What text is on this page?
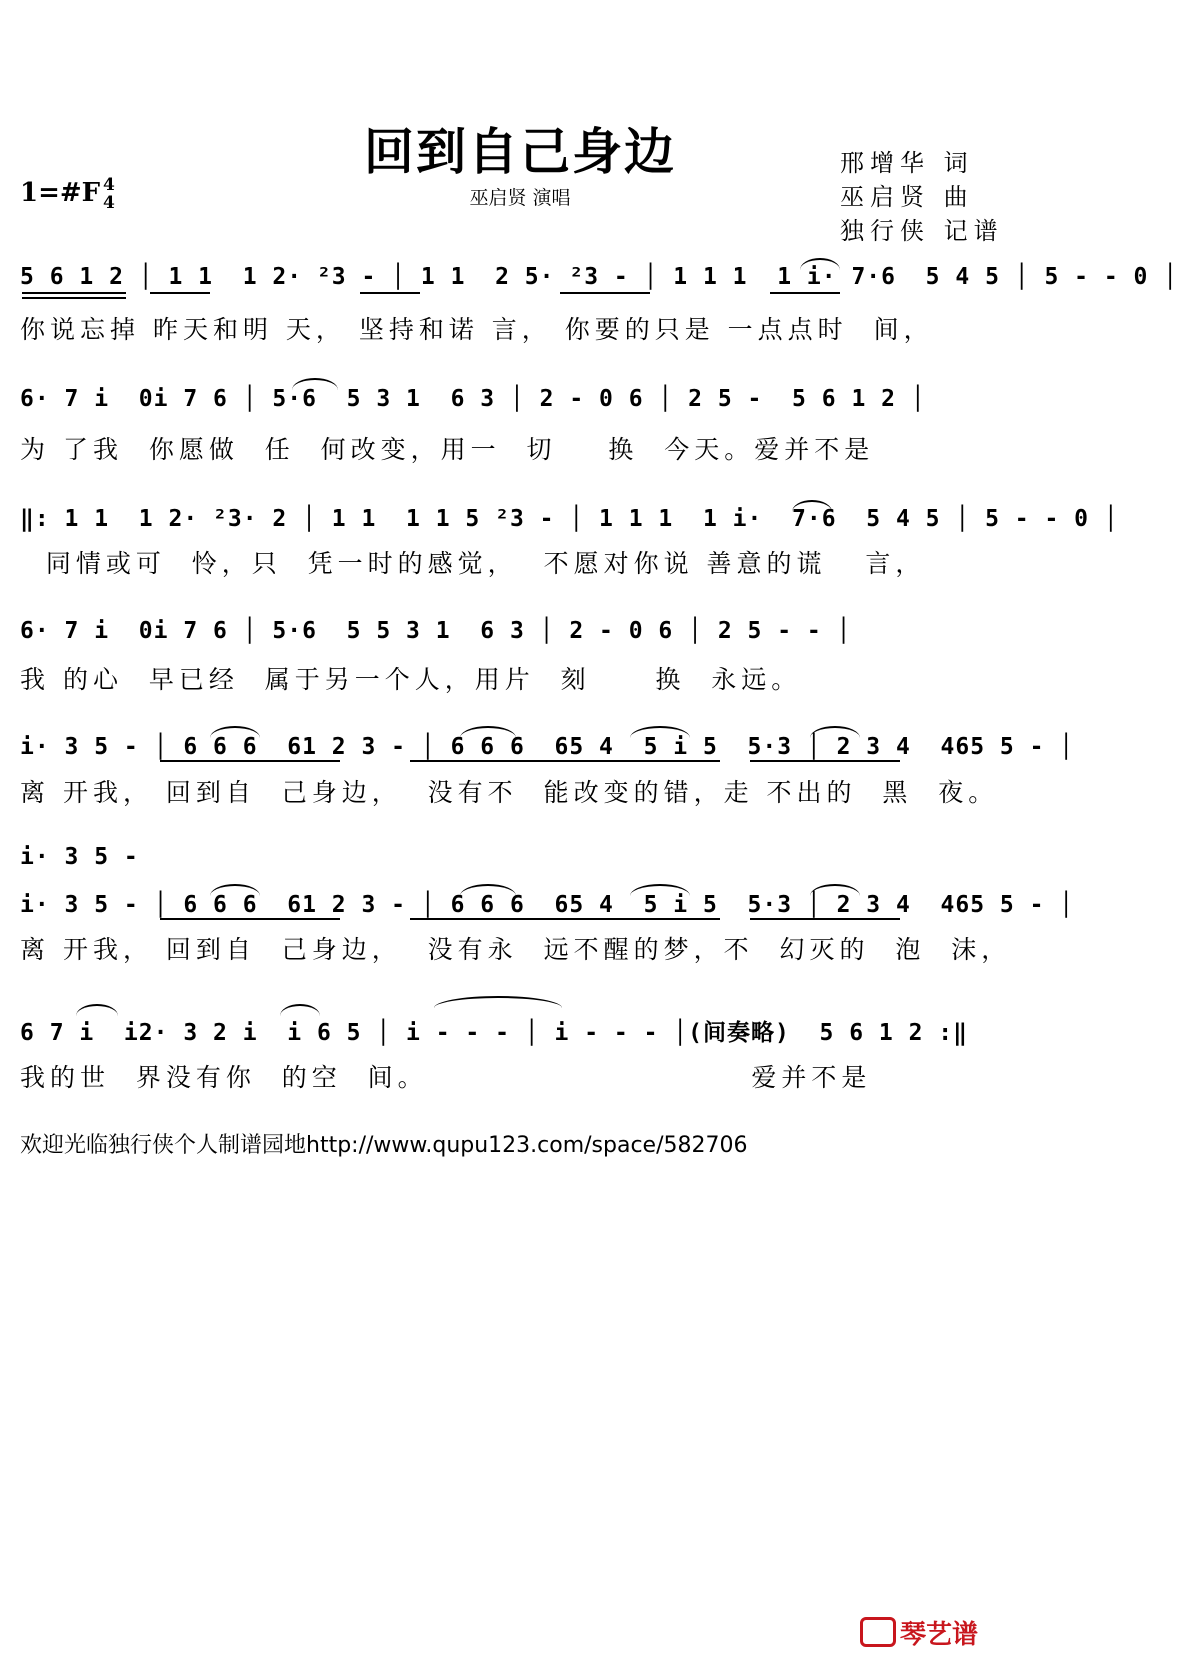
回到自己身边
巫启贤 演唱
邢增华 词
巫启贤 曲
独行侠 记谱
1=#F 4
4
5 6 1 2 │ 1 1  1 2· ²3 - │ 1 1  2 5· ²3 - │ 1 1 1  1 i· 7·6  5 4 5 │ 5 - - 0 │
你说忘掉 昨天和明 天， 坚持和诺 言， 你要的只是 一点点时  间，
6· 7 i  0i 7 6 │ 5·6  5 3 1  6 3 │ 2 - 0 6 │ 2 5 -  5 6 1 2 │
为 了我  你愿做  任  何改变，用一  切    换  今天。爱并不是
‖: 1 1  1 2· ²3· 2 │ 1 1  1 1 5 ²3 - │ 1 1 1  1 i·  7·6  5 4 5 │ 5 - - 0 │
同情或可  怜，只  凭一时的感觉，  不愿对你说 善意的谎   言，
6· 7 i  0i 7 6 │ 5·6  5 5 3 1  6 3 │ 2 - 0 6 │ 2 5 - - │
我 的心  早已经  属于另一个人，用片  刻     换  永远。
i· 3 5 - │ 6 6 6  61 2 3 - │ 6 6 6  65 4  5 i 5  5·3 │ 2 3 4  465 5 - │
离 开我， 回到自  己身边，  没有不  能改变的错，走 不出的  黑  夜。
i· 3 5 -
i· 3 5 - │ 6 6 6  61 2 3 - │ 6 6 6  65 4  5 i 5  5·3 │ 2 3 4  465 5 - │
离 开我， 回到自  己身边，  没有永  远不醒的梦，不  幻灭的  泡  沫，
6 7 i  i2· 3 2 i  i 6 5 │ i - - - │ i - - - │(间奏略)  5 6 1 2 :‖
我的世  界没有你  的空  间。                         爱并不是
欢迎光临独行侠个人制谱园地http://www.qupu123.com/space/582706
琴艺谱
